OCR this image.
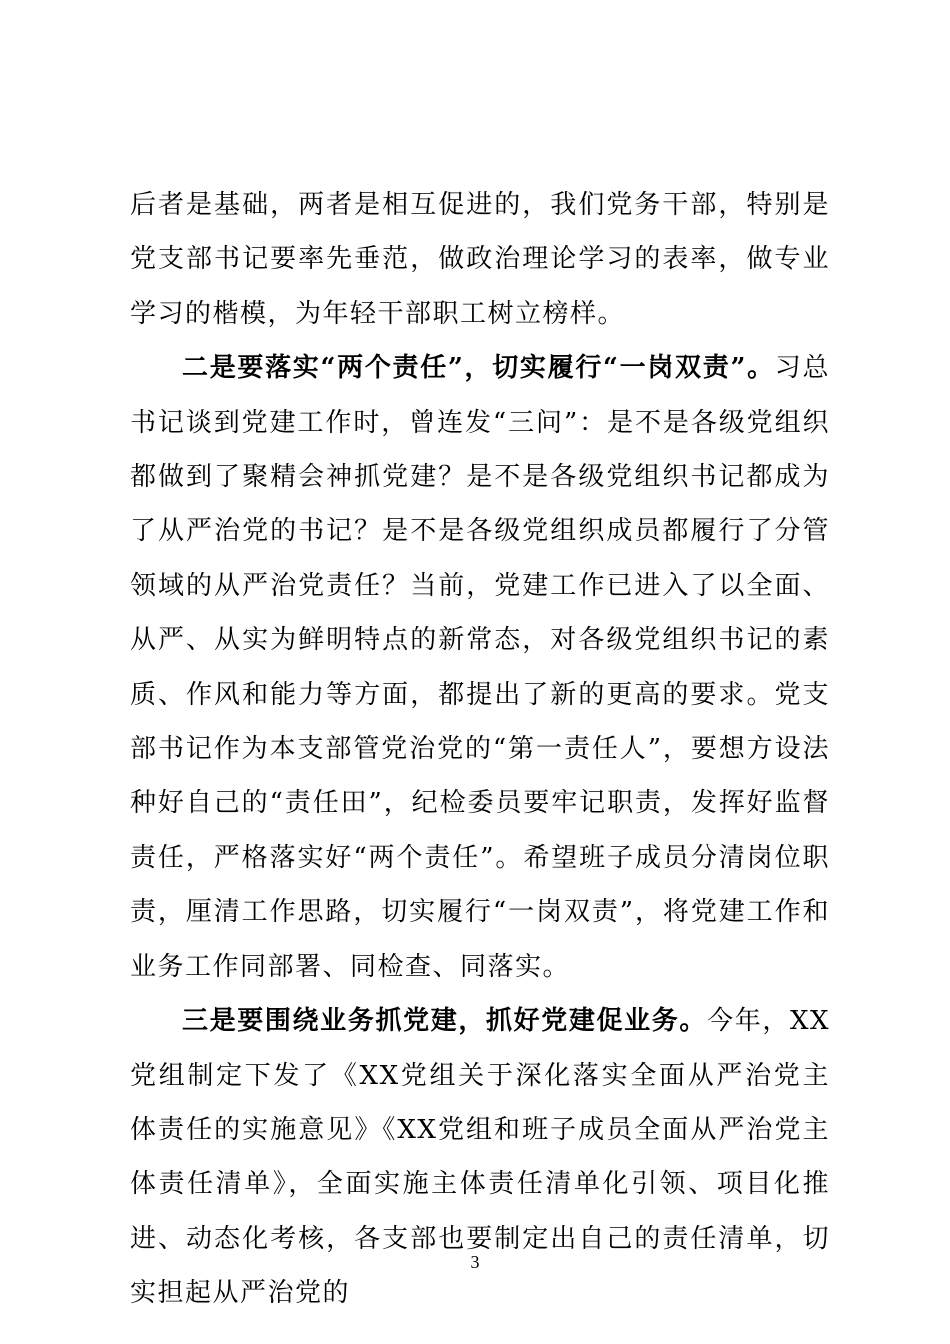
后者是基础，两者是相互促进的，我们党务干部，特别是党支部书记要率先垂范，做政治理论学习的表率，做专业学习的楷模，为年轻干部职工树立榜样。

二是要落实“两个责任”，切实履行“一岗双责”。习总书记谈到党建工作时，曾连发“三问”：是不是各级党组织都做到了聚精会神抓党建？是不是各级党组织书记都成为了从严治党的书记？是不是各级党组织成员都履行了分管领域的从严治党责任？当前，党建工作已进入了以全面、从严、从实为鲜明特点的新常态，对各级党组织书记的素质、作风和能力等方面，都提出了新的更高的要求。党支部书记作为本支部管党治党的“第一责任人”，要想方设法种好自己的“责任田”，纪检委员要牢记职责，发挥好监督责任，严格落实好“两个责任”。希望班子成员分清岗位职责，厘清工作思路，切实履行“一岗双责”，将党建工作和业务工作同部署、同检查、同落实。

三是要围绕业务抓党建，抓好党建促业务。今年，XX党组制定下发了《XX党组关于深化落实全面从严治党主体责任的实施意见》《XX党组和班子成员全面从严治党主体责任清单》，全面实施主体责任清单化引领、项目化推进、动态化考核，各支部也要制定出自己的责任清单，切实担起从严治党的

3
